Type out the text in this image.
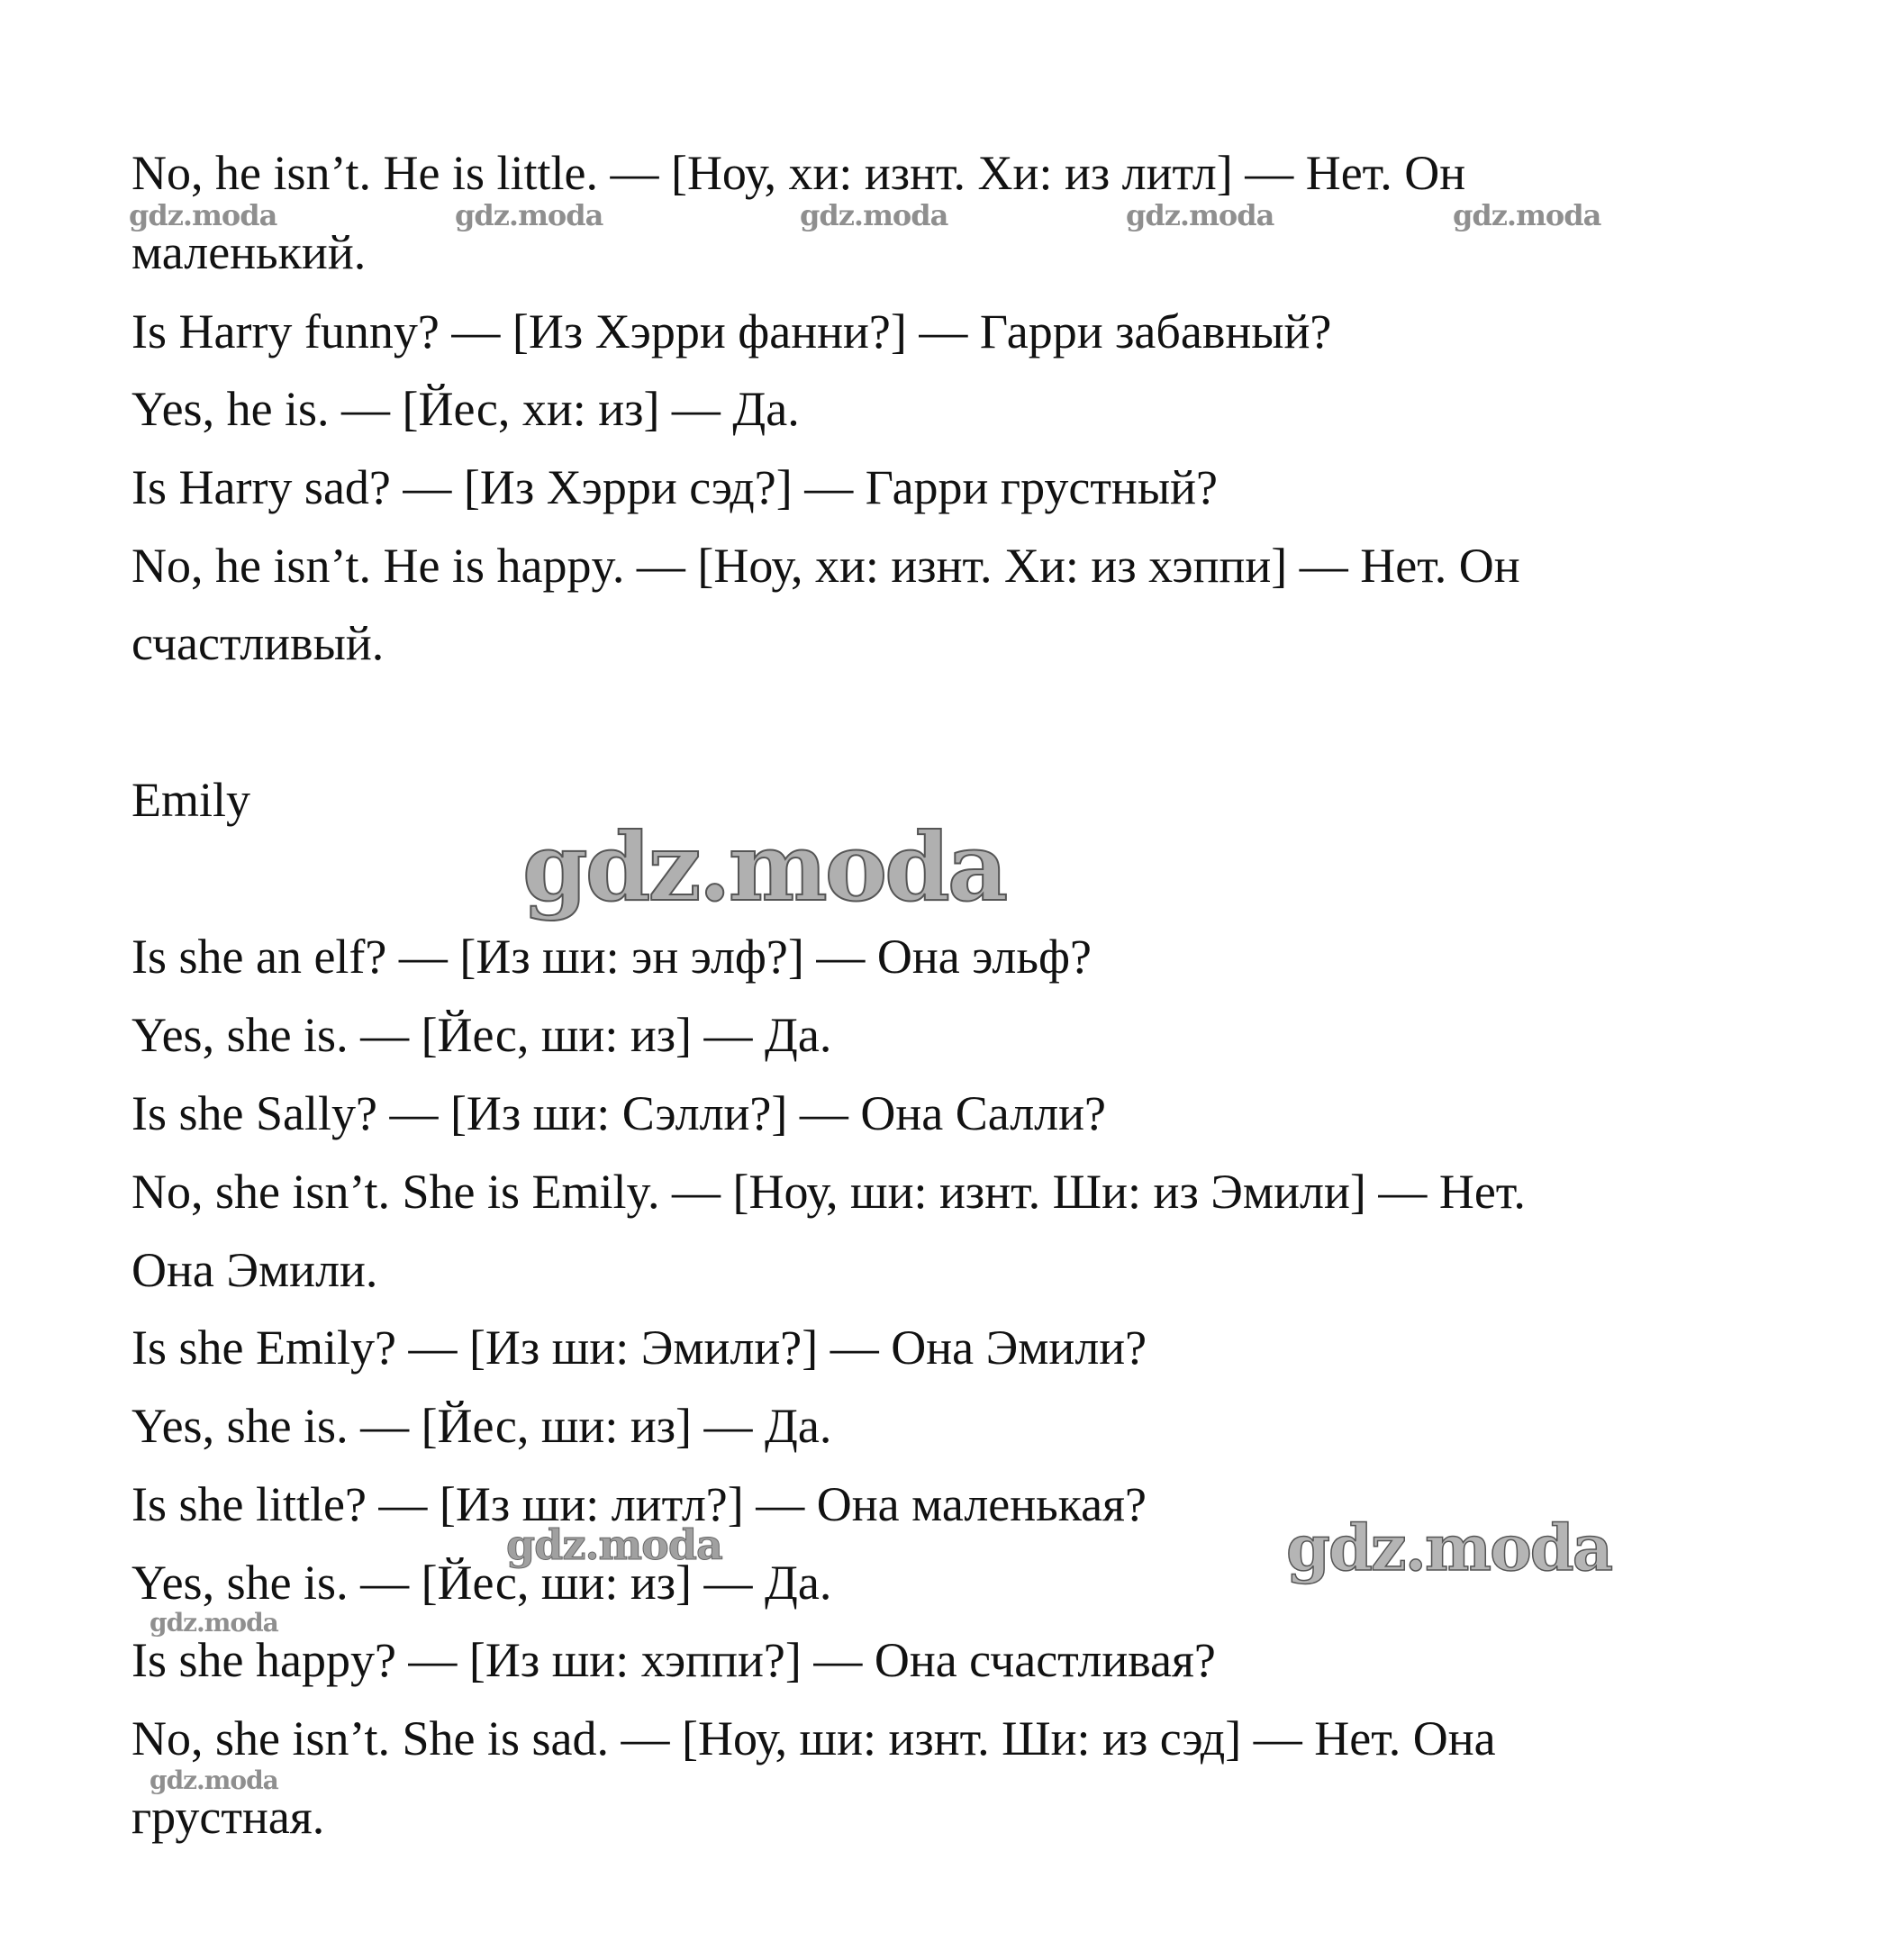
No, he isn’t. He is little. — [Ноу, хи: изнт. Хи: из литл] — Нет. Он
маленький.
Is Harry funny? — [Из Хэрри фанни?] — Гарри забавный?
Yes, he is. — [Йес, хи: из] — Да.
Is Harry sad? — [Из Хэрри сэд?] — Гарри грустный?
No, he isn’t. He is happy. — [Ноу, хи: изнт. Хи: из хэппи] — Нет. Он
счастливый.
Emily
Is she an elf? — [Из ши: эн элф?] — Она эльф?
Yes, she is. — [Йес, ши: из] — Да.
Is she Sally? — [Из ши: Сэлли?] — Она Салли?
No, she isn’t. She is Emily. — [Ноу, ши: изнт. Ши: из Эмили] — Нет.
Она Эмили.
Is she Emily? — [Из ши: Эмили?] — Она Эмили?
Yes, she is. — [Йес, ши: из] — Да.
Is she little? — [Из ши: литл?] — Она маленькая?
Yes, she is. — [Йес, ши: из] — Да.
Is she happy? — [Из ши: хэппи?] — Она счастливая?
No, she isn’t. She is sad. — [Ноу, ши: изнт. Ши: из сэд] — Нет. Она
грустная.
gdz.moda	gdz.moda	gdz.moda	gdz.moda	gdz.moda
gdz.moda
gdz.moda	gdz.moda
gdz.moda
gdz.moda
